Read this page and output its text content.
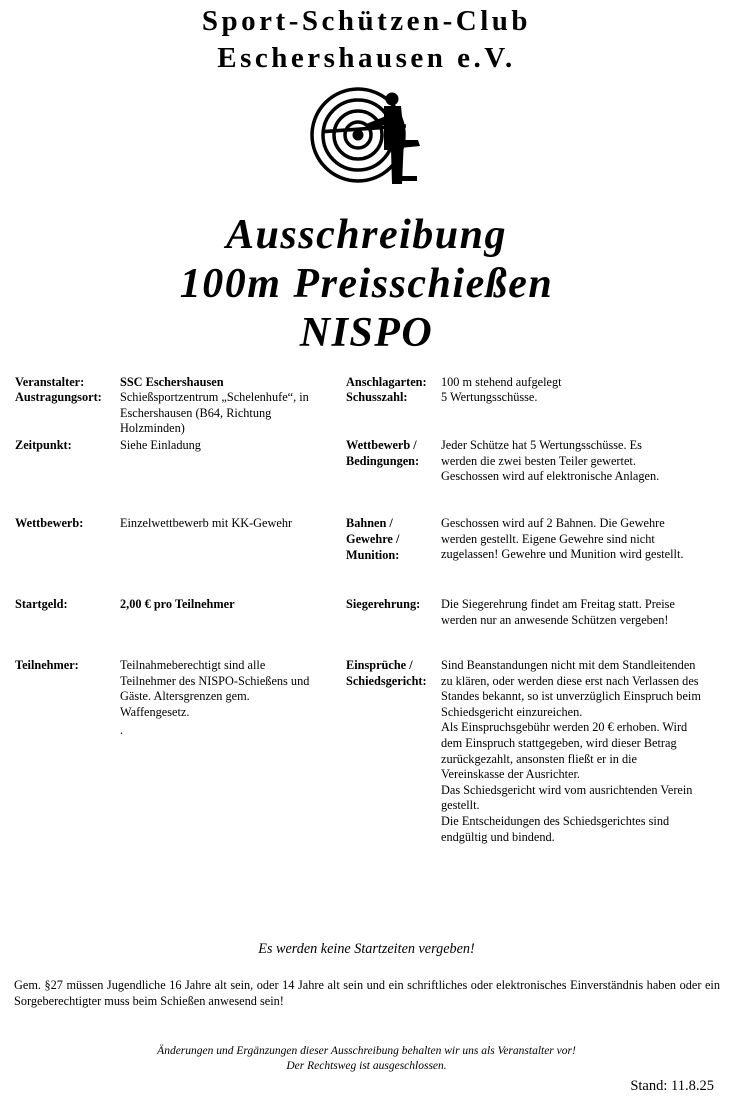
Sport-Schützen-Club
Eschershausen e.V.
Ausschreibung
100m Preisschießen
NISPO
Veranstalter:	SSC Eschershausen
Austragungsort: Schießsportzentrum „Schelenhufe“, in Eschershausen (B64, Richtung Holzminden)
Zeitpunkt:	Siehe Einladung
Wettbewerb:	Einzelwettbewerb mit KK-Gewehr
Startgeld:	2,00 € pro Teilnehmer
Teilnehmer:	Teilnahmeberechtigt sind alle Teilnehmer des NISPO-Schießens und Gäste. Altersgrenzen gem. Waffengesetz.
.
Anschlagarten: 100 m stehend aufgelegt
Schusszahl:	5 Wertungsschüsse.
Wettbewerb /
Bedingungen:
Jeder Schütze hat 5 Wertungsschüsse. Es werden die zwei besten Teiler gewertet. Geschossen wird auf elektronische Anlagen.
Bahnen /
Gewehre /
Munition:
Geschossen wird auf 2 Bahnen. Die Gewehre werden gestellt. Eigene Gewehre sind nicht zugelassen! Gewehre und Munition wird gestellt.
Siegerehrung: Die Siegerehrung findet am Freitag statt. Preise werden nur an anwesende Schützen vergeben!
Einsprüche /
Schiedsgericht:
Sind Beanstandungen nicht mit dem Standleitenden zu klären, oder werden diese erst nach Verlassen des Standes bekannt, so ist unverzüglich Einspruch beim Schiedsgericht einzureichen.
Als Einspruchsgebühr werden 20 € erhoben. Wird dem Einspruch stattgegeben, wird dieser Betrag zurückgezahlt, ansonsten fließt er in die Vereinskasse der Ausrichter.
Das Schiedsgericht wird vom ausrichtenden Verein gestellt.
Die Entscheidungen des Schiedsgerichtes sind endgültig und bindend.
Es werden keine Startzeiten vergeben!
Gem. §27 müssen Jugendliche 16 Jahre alt sein, oder 14 Jahre alt sein und ein schriftliches oder elektronisches Einverständnis haben oder ein Sorgeberechtigter muss beim Schießen anwesend sein!
Änderungen und Ergänzungen dieser Ausschreibung behalten wir uns als Veranstalter vor!
Der Rechtsweg ist ausgeschlossen.
Stand: 11.8.25
